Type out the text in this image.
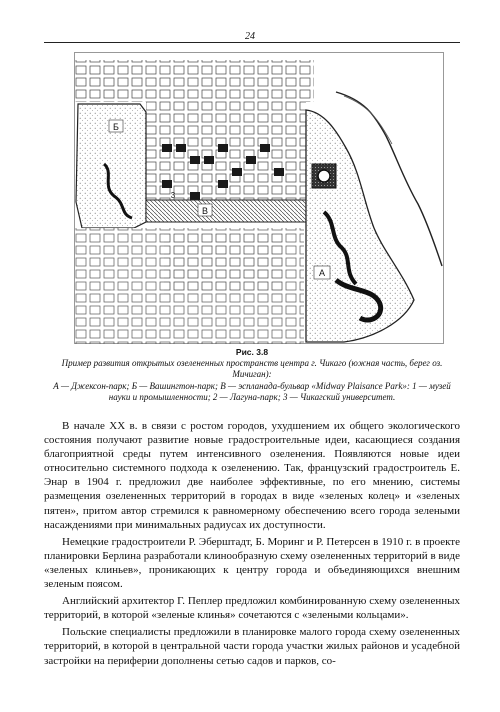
24
Б
В
3
А
1
2
Рис. 3.8
Пример развития открытых озелененных пространств центра г. Чикаго (южная часть, берег оз. Мичиган):
А — Джексон-парк; Б — Вашингтон-парк; В — эспланада-бульвар «Midway Plaisance Park»: 1 — музей науки и промышленности; 2 — Лагуна-парк; 3 — Чикагский университет.

В начале XX в. в связи с ростом городов, ухудшением их общего экологического состояния получают развитие новые градостроительные идеи, касающиеся создания благоприятной среды путем интенсивного озеленения. Появляются новые идеи относительно системного подхода к озеленению. Так, французский градостроитель Е. Энар в 1904 г. предложил две наиболее эффективные, по его мнению, системы размещения озелененных территорий в городах в виде «зеленых колец» и «зеленых пятен», притом автор стремился к равномерному обеспечению всего города зелеными насаждениями при минимальных радиусах их доступности.

Немецкие градостроители Р. Эберштадт, Б. Моринг и Р. Петерсен в 1910 г. в проекте планировки Берлина разработали клинообразную схему озелененных территорий в виде «зеленых клиньев», проникающих к центру города и объединяющихся внешним зеленым поясом.

Английский архитектор Г. Пеплер предложил комбинированную схему озелененных территорий, в которой «зеленые клинья» сочетаются с «зелеными кольцами».

Польские специалисты предложили в планировке малого города схему озелененных территорий, в которой в центральной части города участки жилых районов и усадебной застройки на периферии дополнены сетью садов и парков, со-
